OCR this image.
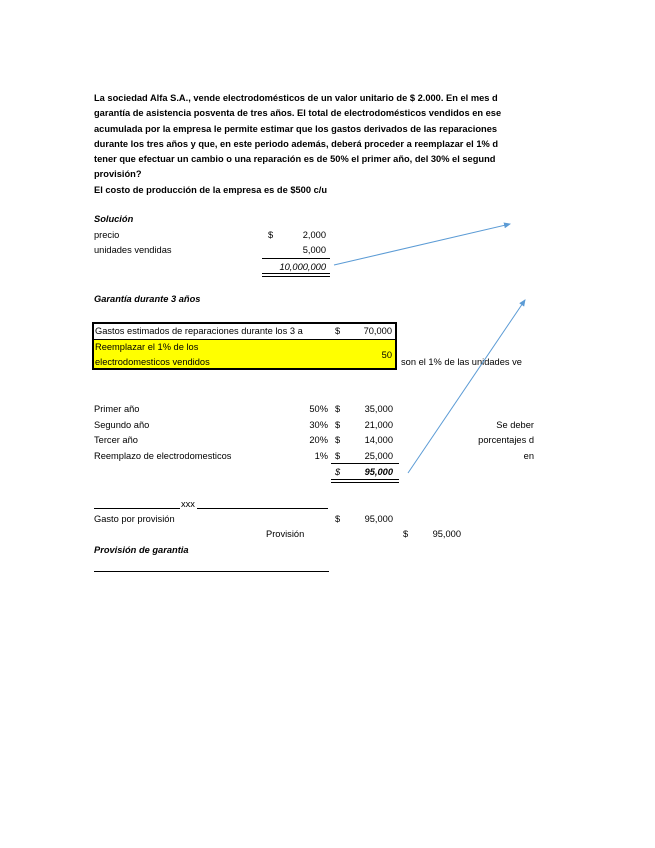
La sociedad Alfa S.A., vende electrodomésticos de un valor unitario de $ 2.000. En el mes d
garantía de asistencia posventa de tres años. El total de electrodomésticos vendidos en ese
acumulada por la empresa le permite estimar que los gastos derivados de las reparaciones
durante los tres años y que, en este periodo además, deberá proceder a reemplazar el 1% d
tener que efectuar un cambio o una reparación es de 50% el primer año, del 30% el segund
provisión?
El costo de producción de la empresa es de $500 c/u
Solución
precio	$	2,000
unidades vendidas	5,000
10,000,000
Garantía durante 3 años
Gastos estimados de reparaciones durante los 3 a	$	70,000
Reemplazar el 1% de los
electrodomesticos vendidos
50
son el 1% de las unidades ve
Primer año	50% $	35,000
Segundo año	30% $	21,000
Tercer año	20% $	14,000
Reemplazo de electrodomesticos	1% $	25,000
$	95,000
Se deber
porcentajes d
en
xxx
Gasto por provisión	$	95,000
Provisión	$	95,000
Provisión de garantia
